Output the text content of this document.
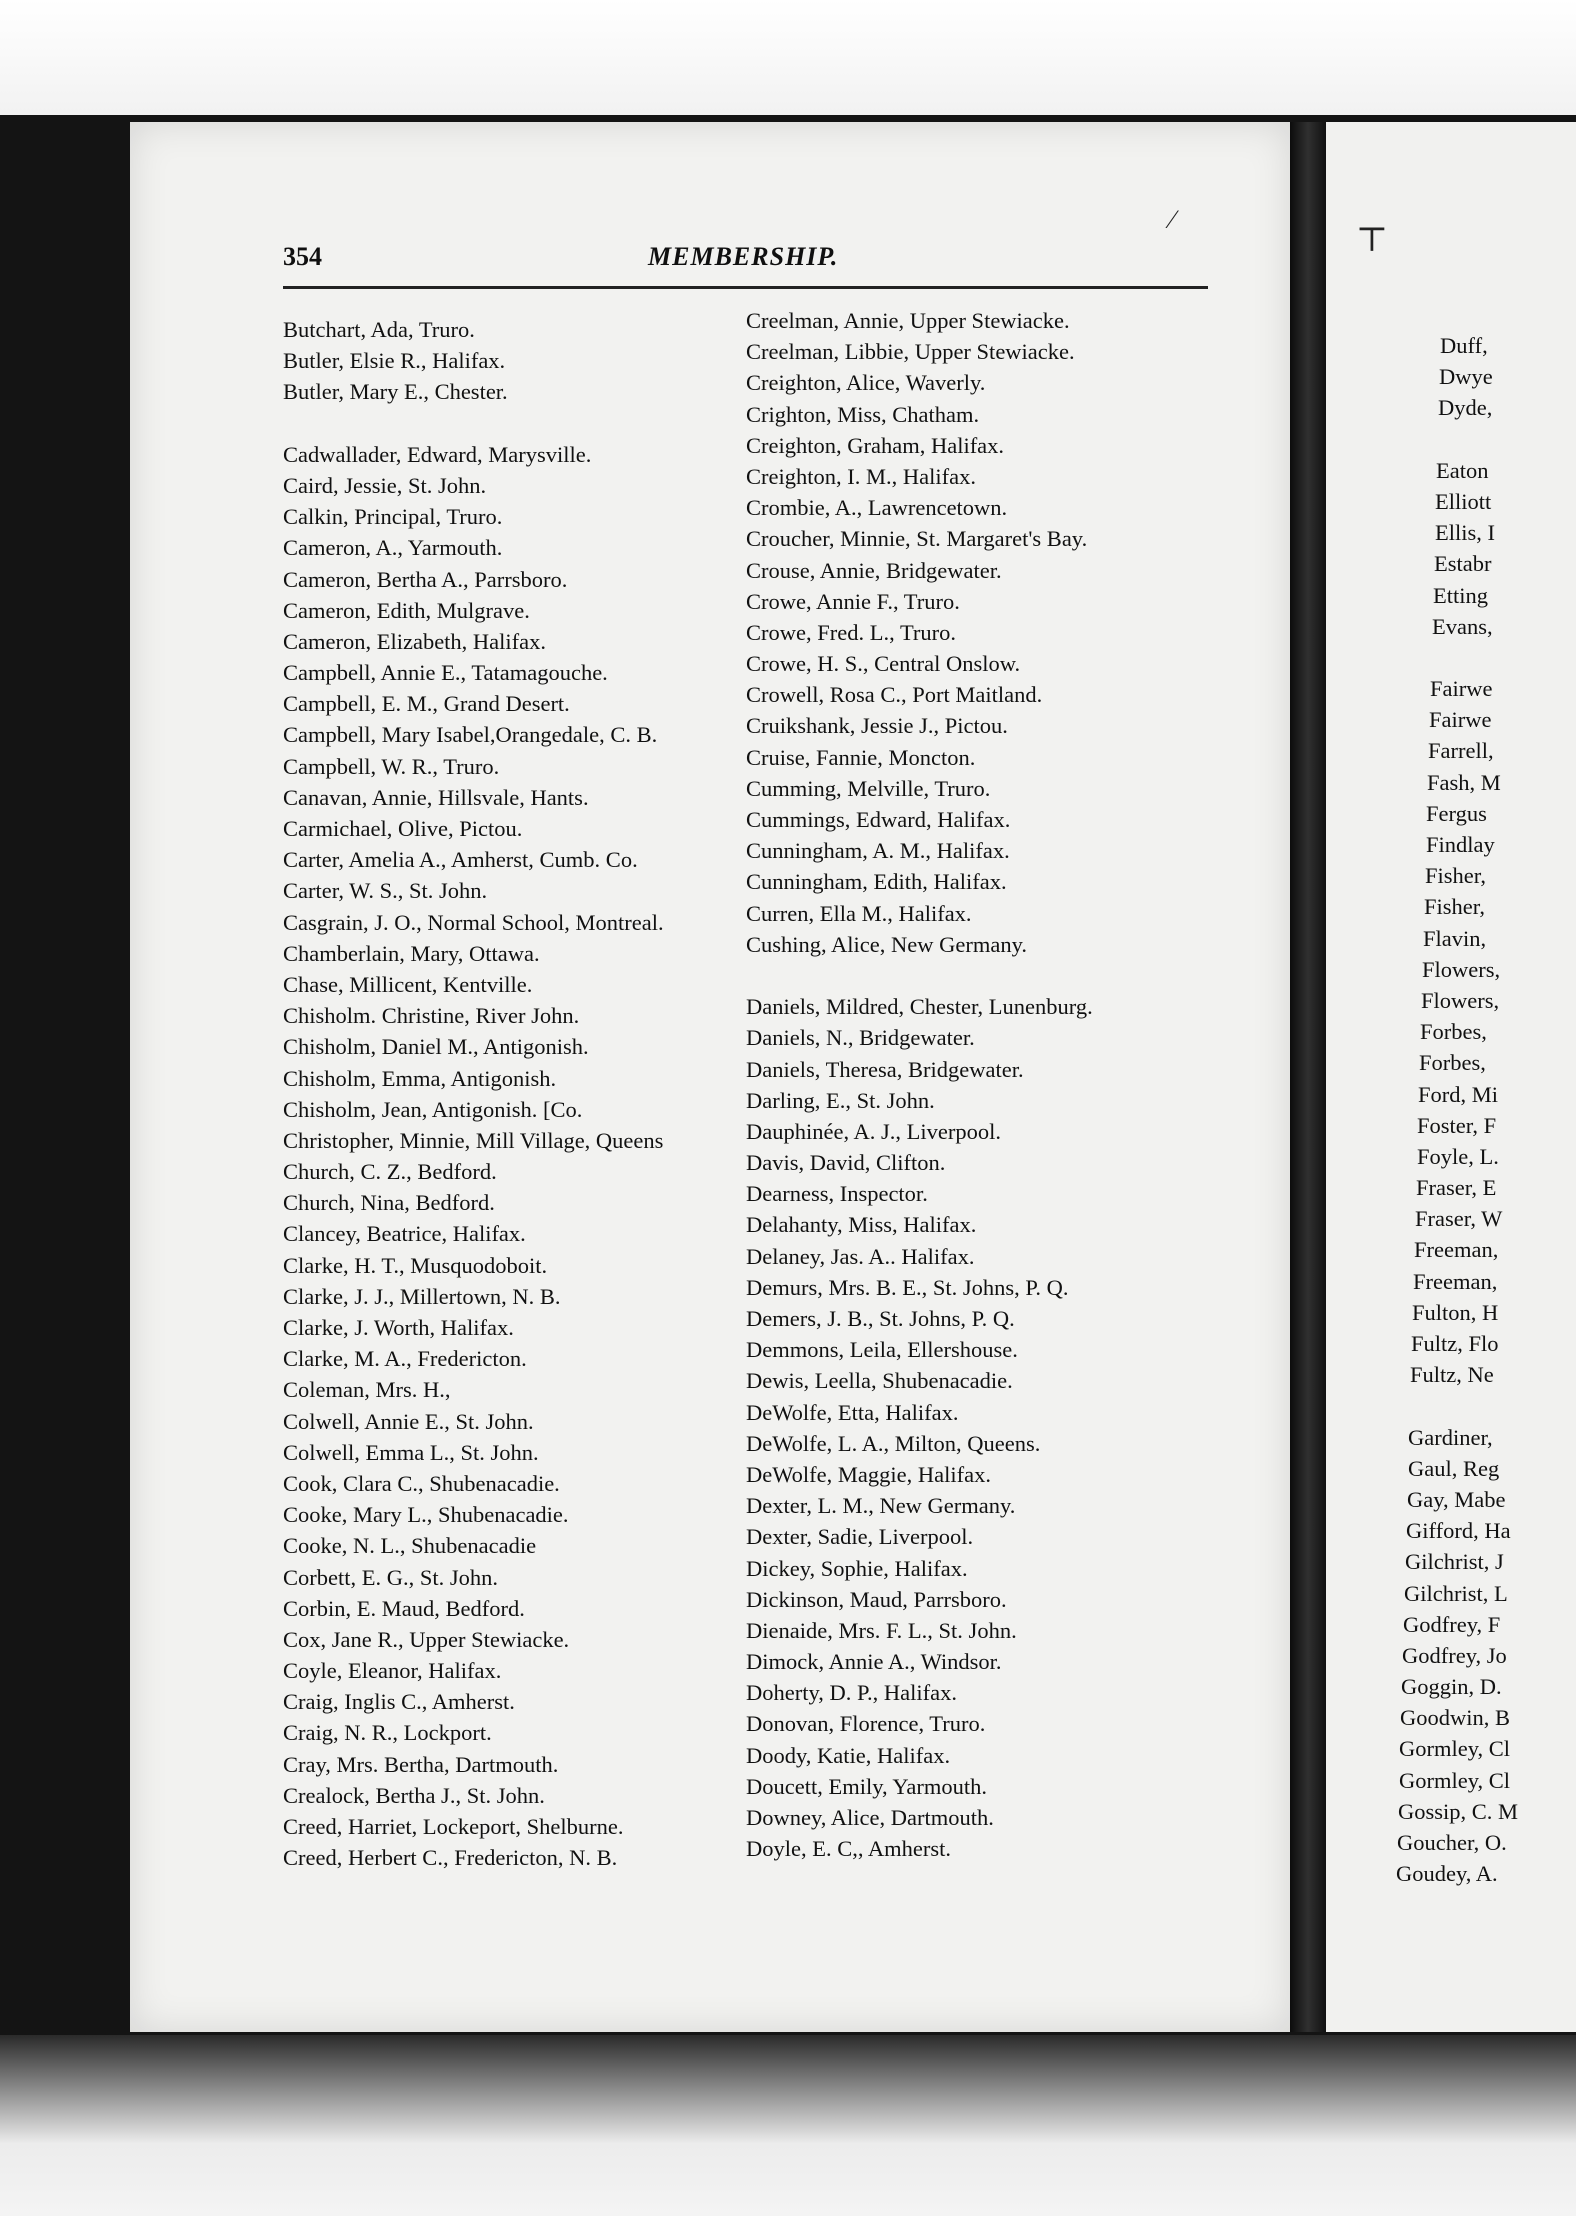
354	MEMBERSHIP.
⁄
⊤
Butchart, Ada, Truro.
Butler, Elsie R., Halifax.
Butler, Mary E., Chester.
Cadwallader, Edward, Marysville.
Caird, Jessie, St. John.
Calkin, Principal, Truro.
Cameron, A., Yarmouth.
Cameron, Bertha A., Parrsboro.
Cameron, Edith, Mulgrave.
Cameron, Elizabeth, Halifax.
Campbell, Annie E., Tatamagouche.
Campbell, E. M., Grand Desert.
Campbell, Mary Isabel,Orangedale, C. B.
Campbell, W. R., Truro.
Canavan, Annie, Hillsvale, Hants.
Carmichael, Olive, Pictou.
Carter, Amelia A., Amherst, Cumb. Co.
Carter, W. S., St. John.
Casgrain, J. O., Normal School, Montreal.
Chamberlain, Mary, Ottawa.
Chase, Millicent, Kentville.
Chisholm. Christine, River John.
Chisholm, Daniel M., Antigonish.
Chisholm, Emma, Antigonish.
Chisholm, Jean, Antigonish. [Co.
Christopher, Minnie, Mill Village, Queens
Church, C. Z., Bedford.
Church, Nina, Bedford.
Clancey, Beatrice, Halifax.
Clarke, H. T., Musquodoboit.
Clarke, J. J., Millertown, N. B.
Clarke, J. Worth, Halifax.
Clarke, M. A., Fredericton.
Coleman, Mrs. H.,
Colwell, Annie E., St. John.
Colwell, Emma L., St. John.
Cook, Clara C., Shubenacadie.
Cooke, Mary L., Shubenacadie.
Cooke, N. L., Shubenacadie
Corbett, E. G., St. John.
Corbin, E. Maud, Bedford.
Cox, Jane R., Upper Stewiacke.
Coyle, Eleanor, Halifax.
Craig, Inglis C., Amherst.
Craig, N. R., Lockport.
Cray, Mrs. Bertha, Dartmouth.
Crealock, Bertha J., St. John.
Creed, Harriet, Lockeport, Shelburne.
Creed, Herbert C., Fredericton, N. B.
Creelman, Annie, Upper Stewiacke.
Creelman, Libbie, Upper Stewiacke.
Creighton, Alice, Waverly.
Crighton, Miss, Chatham.
Creighton, Graham, Halifax.
Creighton, I. M., Halifax.
Crombie, A., Lawrencetown.
Croucher, Minnie, St. Margaret's Bay.
Crouse, Annie, Bridgewater.
Crowe, Annie F., Truro.
Crowe, Fred. L., Truro.
Crowe, H. S., Central Onslow.
Crowell, Rosa C., Port Maitland.
Cruikshank, Jessie J., Pictou.
Cruise, Fannie, Moncton.
Cumming, Melville, Truro.
Cummings, Edward, Halifax.
Cunningham, A. M., Halifax.
Cunningham, Edith, Halifax.
Curren, Ella M., Halifax.
Cushing, Alice, New Germany.
Daniels, Mildred, Chester, Lunenburg.
Daniels, N., Bridgewater.
Daniels, Theresa, Bridgewater.
Darling, E., St. John.
Dauphinée, A. J., Liverpool.
Davis, David, Clifton.
Dearness, Inspector.
Delahanty, Miss, Halifax.
Delaney, Jas. A.. Halifax.
Demurs, Mrs. B. E., St. Johns, P. Q.
Demers, J. B., St. Johns, P. Q.
Demmons, Leila, Ellershouse.
Dewis, Leella, Shubenacadie.
DeWolfe, Etta, Halifax.
DeWolfe, L. A., Milton, Queens.
DeWolfe, Maggie, Halifax.
Dexter, L. M., New Germany.
Dexter, Sadie, Liverpool.
Dickey, Sophie, Halifax.
Dickinson, Maud, Parrsboro.
Dienaide, Mrs. F. L., St. John.
Dimock, Annie A., Windsor.
Doherty, D. P., Halifax.
Donovan, Florence, Truro.
Doody, Katie, Halifax.
Doucett, Emily, Yarmouth.
Downey, Alice, Dartmouth.
Doyle, E. C,, Amherst.
Duff,
Dwye
Dyde,
Eaton
Elliott
Ellis, I
Estabr
Etting
Evans,
Fairwe
Fairwe
Farrell,
Fash, M
Fergus
Findlay
Fisher,
Fisher,
Flavin,
Flowers,
Flowers,
Forbes,
Forbes,
Ford, Mi
Foster, F
Foyle, L.
Fraser, E
Fraser, W
Freeman,
Freeman,
Fulton, H
Fultz, Flo
Fultz, Ne
Gardiner,
Gaul, Reg
Gay, Mabe
Gifford, Ha
Gilchrist, J
Gilchrist, L
Godfrey, F
Godfrey, Jo
Goggin, D.
Goodwin, B
Gormley, Cl
Gormley, Cl
Gossip, C. M
Goucher, O.
Goudey, A.
